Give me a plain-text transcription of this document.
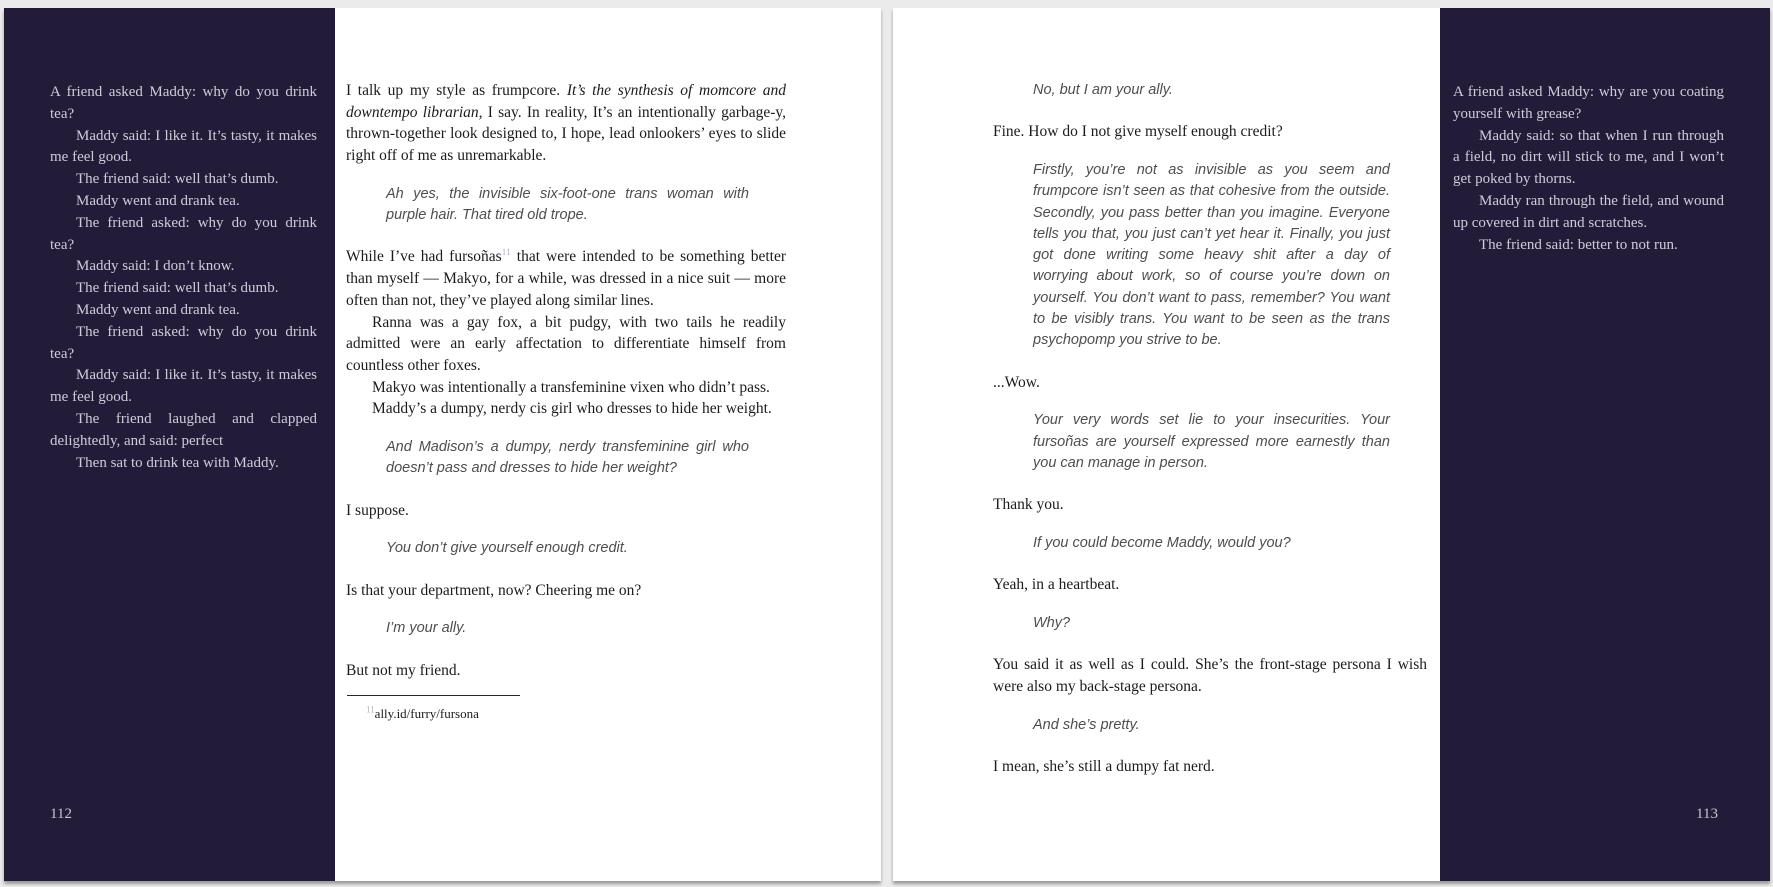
A friend asked Maddy: why do you drink tea?

Maddy said: I like it. It’s tasty, it makes me feel good.

The friend said: well that’s dumb.

Maddy went and drank tea.

The friend asked: why do you drink tea?

Maddy said: I don’t know.

The friend said: well that’s dumb.

Maddy went and drank tea.

The friend asked: why do you drink tea?

Maddy said: I like it. It’s tasty, it makes me feel good.

The friend laughed and clapped delightedly, and said: perfect

Then sat to drink tea with Maddy.

112

I talk up my style as frumpcore. It’s the synthesis of momcore and downtempo librarian, I say. In reality, It’s an intentionally garbage-y, thrown-together look designed to, I hope, lead onlookers’ eyes to slide right off of me as unremarkable.

Ah yes, the invisible six-foot-one trans woman with purple hair. That tired old trope.

While I’ve had fursoñas$^{11}$ that were intended to be something better than myself — Makyo, for a while, was dressed in a nice suit — more often than not, they’ve played along similar lines.

Ranna was a gay fox, a bit pudgy, with two tails he readily admitted were an early affectation to differentiate himself from countless other foxes.

Makyo was intentionally a transfeminine vixen who didn’t pass.

Maddy’s a dumpy, nerdy cis girl who dresses to hide her weight.

And Madison’s a dumpy, nerdy transfeminine girl who doesn’t pass and dresses to hide her weight?

I suppose.

You don’t give yourself enough credit.

Is that your department, now? Cheering me on?

I’m your ally.

But not my friend.

$^{11}$ally.id/furry/fursona

No, but I am your ally.

Fine. How do I not give myself enough credit?

Firstly, you’re not as invisible as you seem and frumpcore isn’t seen as that cohesive from the outside. Secondly, you pass better than you imagine. Everyone tells you that, you just can’t yet hear it. Finally, you just got done writing some heavy shit after a day of worrying about work, so of course you’re down on yourself. You don’t want to pass, remember? You want to be visibly trans. You want to be seen as the trans psychopomp you strive to be.

...Wow.

Your very words set lie to your insecurities. Your fursoñas are yourself expressed more earnestly than you can manage in person.

Thank you.

If you could become Maddy, would you?

Yeah, in a heartbeat.

Why?

You said it as well as I could. She’s the front-stage persona I wish were also my back-stage persona.

And she’s pretty.

I mean, she’s still a dumpy fat nerd.

A friend asked Maddy: why are you coating yourself with grease?

Maddy said: so that when I run through a field, no dirt will stick to me, and I won’t get poked by thorns.

Maddy ran through the field, and wound up covered in dirt and scratches.

The friend said: better to not run.

113
